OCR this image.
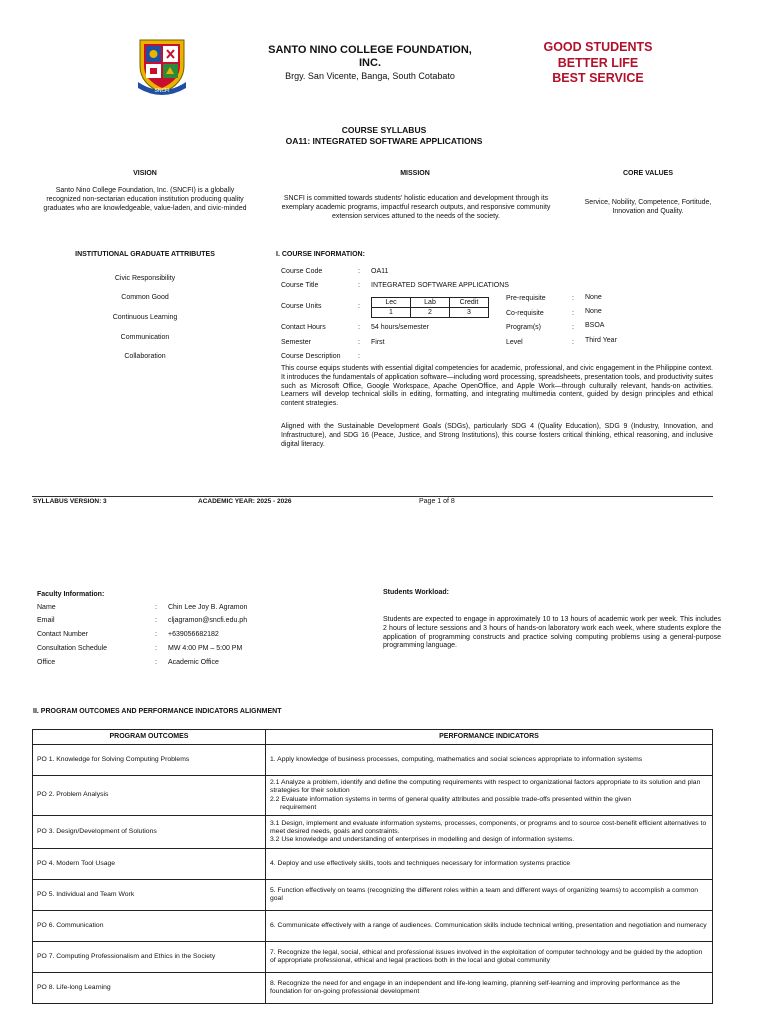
SNCFI
SANTO NINO COLLEGE FOUNDATION,
INC.
Brgy. San Vicente, Banga, South Cotabato
GOOD STUDENTS
BETTER LIFE
BEST SERVICE
COURSE SYLLABUS
OA11: INTEGRATED SOFTWARE APPLICATIONS
VISION
Santo Nino College Foundation, Inc. (SNCFI) is a globally recognized non-sectarian education institution producing quality graduates who are knowledgeable, value-laden, and civic-minded
MISSION
SNCFI is committed towards students' holistic education and development through its exemplary academic programs, impactful research outputs, and responsive community extension services attuned to the needs of the society.
CORE VALUES
Service, Nobility, Competence, Fortitude, Innovation and Quality.
INSTITUTIONAL GRADUATE ATTRIBUTES
Civic Responsibility
Common Good
Continuous Learning
Communication
Collaboration
I. COURSE INFORMATION:
Course Code	: OA11
Course Title	: INTEGRATED SOFTWARE APPLICATIONS
Course Units	:
Lec	Lab	Credit
1	2	3
Contact Hours	: 54 hours/semester
Semester	: First
Course Description :
Pre-requisite	: None
Co-requisite	: None
Program(s)	: BSOA
Level	: Third Year
This course equips students with essential digital competencies for academic, professional, and civic engagement in the Philippine context. It introduces the fundamentals of application software—including word processing, spreadsheets, presentation tools, and productivity suites such as Microsoft Office, Google Workspace, Apache OpenOffice, and Apple Work—through culturally relevant, hands-on activities. Learners will develop technical skills in editing, formatting, and integrating multimedia content, guided by design principles and ethical content strategies.
Aligned with the Sustainable Development Goals (SDGs), particularly SDG 4 (Quality Education), SDG 9 (Industry, Innovation, and Infrastructure), and SDG 16 (Peace, Justice, and Strong Institutions), this course fosters critical thinking, ethical reasoning, and inclusive digital literacy.
SYLLABUS VERSION: 3	ACADEMIC YEAR: 2025 - 2026	Page 1 of 8
Faculty Information:
Name	: Chin Lee Joy B. Agramon
Email	: cljagramon@sncfi.edu.ph
Contact Number	: +639056682182
Consultation Schedule	: MW 4:00 PM – 5:00 PM
Office	: Academic Office
Students Workload:
Students are expected to engage in approximately 10 to 13 hours of academic work per week. This includes 2 hours of lecture sessions and 3 hours of hands-on laboratory work each week, where students explore the application of programming constructs and practice solving computing problems using a general-purpose programming language.
II. PROGRAM OUTCOMES AND PERFORMANCE INDICATORS ALIGNMENT
PROGRAM OUTCOMES	PERFORMANCE INDICATORS
PO 1. Knowledge for Solving Computing Problems	1. Apply knowledge of business processes, computing, mathematics and social sciences appropriate to information systems

PO 2. Problem Analysis	2.1 Analyze a problem, identify and define the computing requirements with respect to organizational factors appropriate to its solution and plan strategies for their solution
2.2 Evaluate information systems in terms of general quality attributes and possible trade-offs presented within the given
requirement

PO 3. Design/Development of Solutions	3.1 Design, implement and evaluate information systems, processes, components, or programs and to source cost-benefit efficient alternatives to meet desired needs, goals and constraints.
3.2 Use knowledge and understanding of enterprises in modelling and design of information systems.

PO 4. Modern Tool Usage	4. Deploy and use effectively skills, tools and techniques necessary for information systems practice

PO 5. Individual and Team Work	5. Function effectively on teams (recognizing the different roles within a team and different ways of organizing teams) to accomplish a common goal

PO 6. Communication	6. Communicate effectively with a range of audiences. Communication skills include technical writing, presentation and negotiation and numeracy

PO 7. Computing Professionalism and Ethics in the Society	7. Recognize the legal, social, ethical and professional issues involved in the exploitation of computer technology and be guided by the adoption of appropriate professional, ethical and legal practices both in the local and global community

PO 8. Life-long Learning	8. Recognize the need for and engage in an independent and life-long learning, planning self-learning and improving performance as the foundation for on-going professional development
